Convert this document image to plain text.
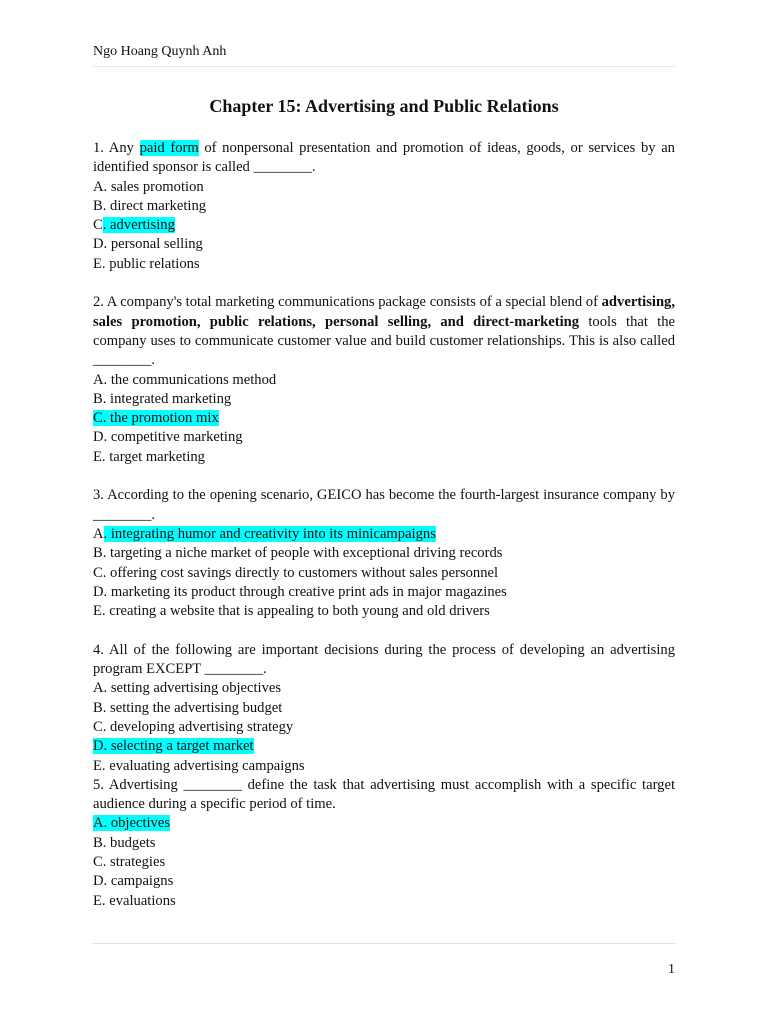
Ngo Hoang Quynh Anh
Chapter 15: Advertising and Public Relations
1. Any paid form of nonpersonal presentation and promotion of ideas, goods, or services by an identified sponsor is called ________.
A. sales promotion
B. direct marketing
C. advertising
D. personal selling
E. public relations
2. A company's total marketing communications package consists of a special blend of advertising, sales promotion, public relations, personal selling, and direct-marketing tools that the company uses to communicate customer value and build customer relationships. This is also called ________.
A. the communications method
B. integrated marketing
C. the promotion mix
D. competitive marketing
E. target marketing
3. According to the opening scenario, GEICO has become the fourth-largest insurance company by ________.
A. integrating humor and creativity into its minicampaigns
B. targeting a niche market of people with exceptional driving records
C. offering cost savings directly to customers without sales personnel
D. marketing its product through creative print ads in major magazines
E. creating a website that is appealing to both young and old drivers
4. All of the following are important decisions during the process of developing an advertising program EXCEPT ________.
A. setting advertising objectives
B. setting the advertising budget
C. developing advertising strategy
D. selecting a target market
E. evaluating advertising campaigns
5. Advertising ________ define the task that advertising must accomplish with a specific target audience during a specific period of time.
A. objectives
B. budgets
C. strategies
D. campaigns
E. evaluations
1
